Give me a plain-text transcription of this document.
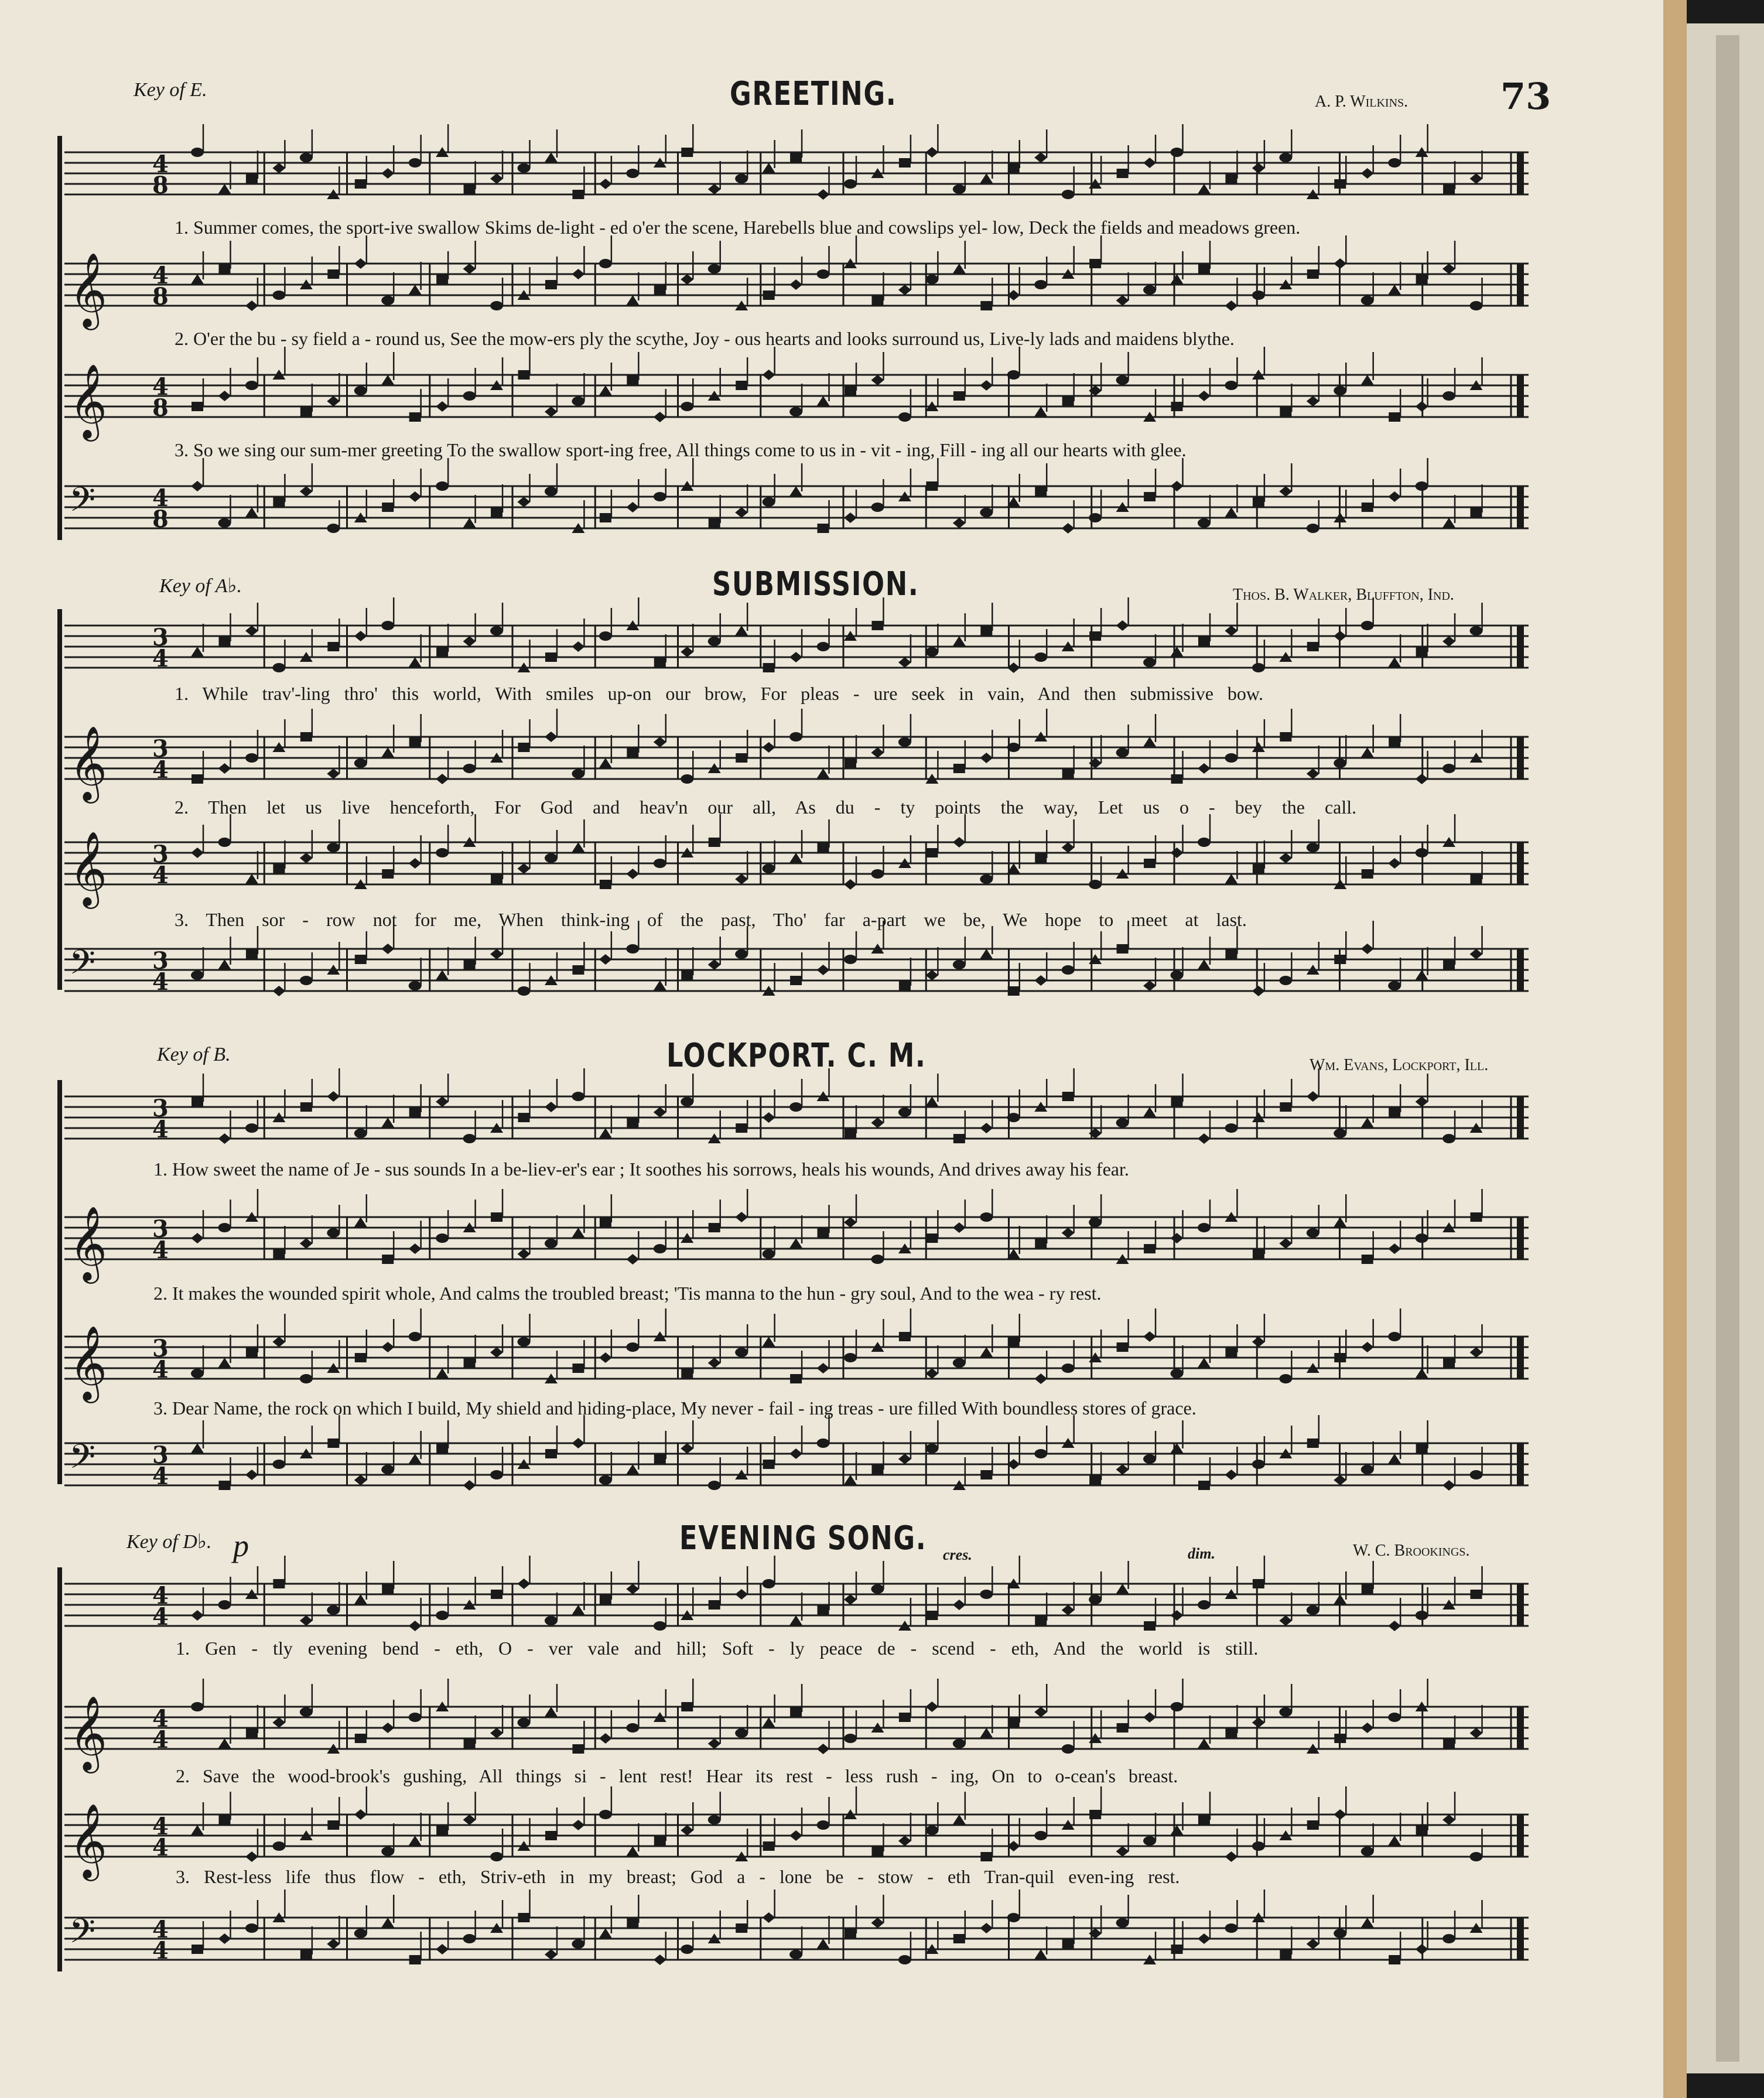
73
Key of E.	GREETING.	A. P. Wilkins.
4
8
𝄞 4
8
𝄞 4
8
𝄢 4
8
1. Summer comes, the sport-ive swallow Skims de-light - ed o'er the scene, Harebells blue and cowslips yel- low, Deck the fields and meadows green.
2. O'er the bu - sy field a - round us, See the mow-ers ply the scythe, Joy - ous hearts and looks surround us, Live-ly lads and maidens blythe.
3. So we sing our sum-mer greeting To the swallow sport-ing free, All things come to us in - vit - ing, Fill - ing all our hearts with glee.
Key of A♭.	SUBMISSION.	Thos. B. Walker, Bluffton, Ind.
3
4
𝄞 3
4
𝄞 3
4
𝄢 3
4
1. While trav'-ling thro' this world, With smiles up-on our brow, For pleas - ure seek in vain, And then submissive bow.
2. Then let us live henceforth, For God and heav'n our all, As du - ty points the way, Let us o - bey the call.
3. Then sor - row not for me, When think-ing of the past, Tho' far a-part we be, We hope to meet at last.
Key of B.	LOCKPORT. C. M.	Wm. Evans, Lockport, Ill.
3
4
𝄞 3
4
𝄞 3
4
𝄢 3
4
1. How sweet the name of Je - sus sounds In a be-liev-er's ear ; It soothes his sorrows, heals his wounds, And drives away his fear.
2. It makes the wounded spirit whole, And calms the troubled breast; 'Tis manna to the hun - gry soul, And to the wea - ry rest.
3. Dear Name, the rock on which I build, My shield and hiding-place, My never - fail - ing treas - ure filled With boundless stores of grace.
Key of D♭. p	EVENING SONG. cres.	dim.	W. C. Brookings.
4
4
𝄞 4
4
𝄞 4
4
𝄢 4
4
1. Gen - tly evening bend - eth, O - ver vale and hill; Soft - ly peace de - scend - eth, And the world is still.
2. Save the wood-brook's gushing, All things si - lent rest! Hear its rest - less rush - ing, On to o-cean's breast.
3. Rest-less life thus flow - eth, Striv-eth in my breast; God a - lone be - stow - eth Tran-quil even-ing rest.
